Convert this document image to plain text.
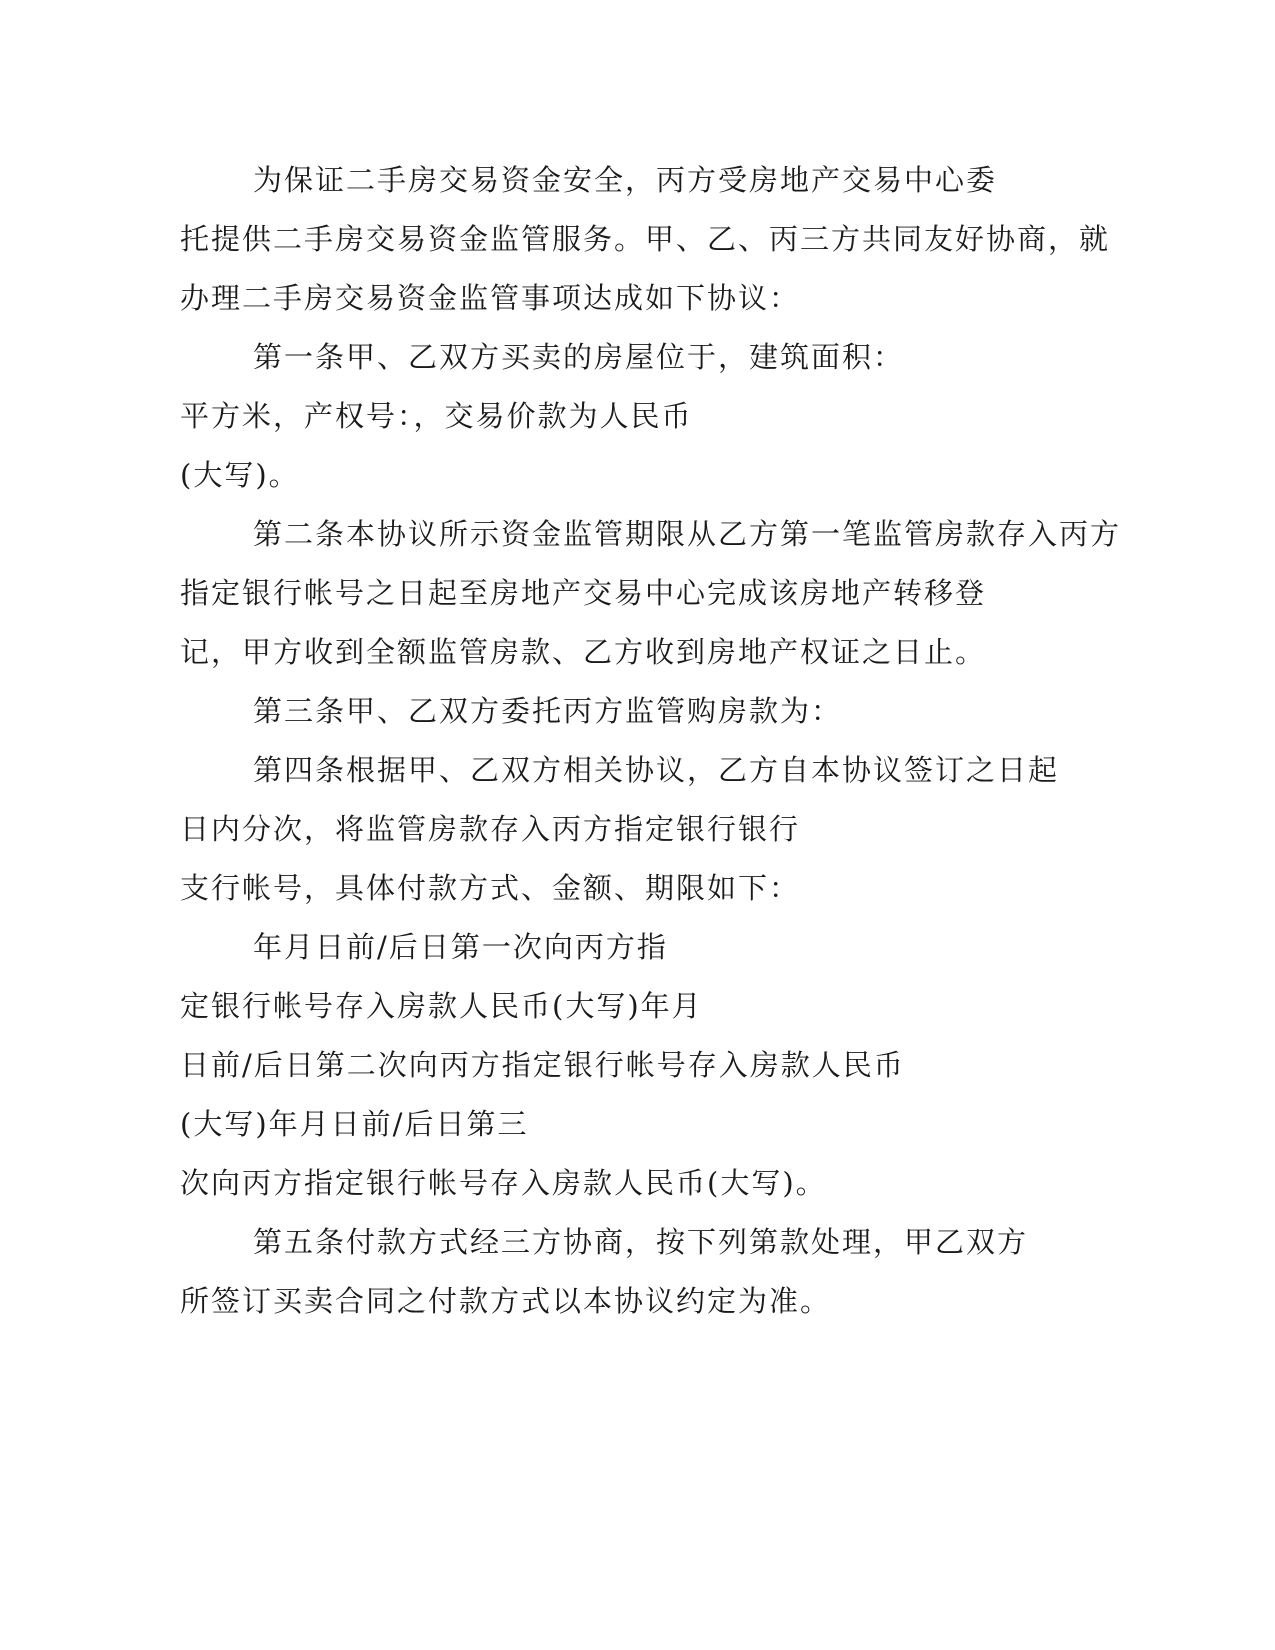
为保证二手房交易资金安全，丙方受房地产交易中心委
托提供二手房交易资金监管服务。甲、乙、丙三方共同友好协商，就
办理二手房交易资金监管事项达成如下协议：
第一条甲、乙双方买卖的房屋位于，建筑面积：
平方米，产权号：，交易价款为人民币
(大写)。
第二条本协议所示资金监管期限从乙方第一笔监管房款存入丙方
指定银行帐号之日起至房地产交易中心完成该房地产转移登
记，甲方收到全额监管房款、乙方收到房地产权证之日止。
第三条甲、乙双方委托丙方监管购房款为：
第四条根据甲、乙双方相关协议，乙方自本协议签订之日起
日内分次，将监管房款存入丙方指定银行银行
支行帐号，具体付款方式、金额、期限如下：
年月日前/后日第一次向丙方指
定银行帐号存入房款人民币(大写)年月
日前/后日第二次向丙方指定银行帐号存入房款人民币
(大写)年月日前/后日第三
次向丙方指定银行帐号存入房款人民币(大写)。
第五条付款方式经三方协商，按下列第款处理，甲乙双方
所签订买卖合同之付款方式以本协议约定为准。
